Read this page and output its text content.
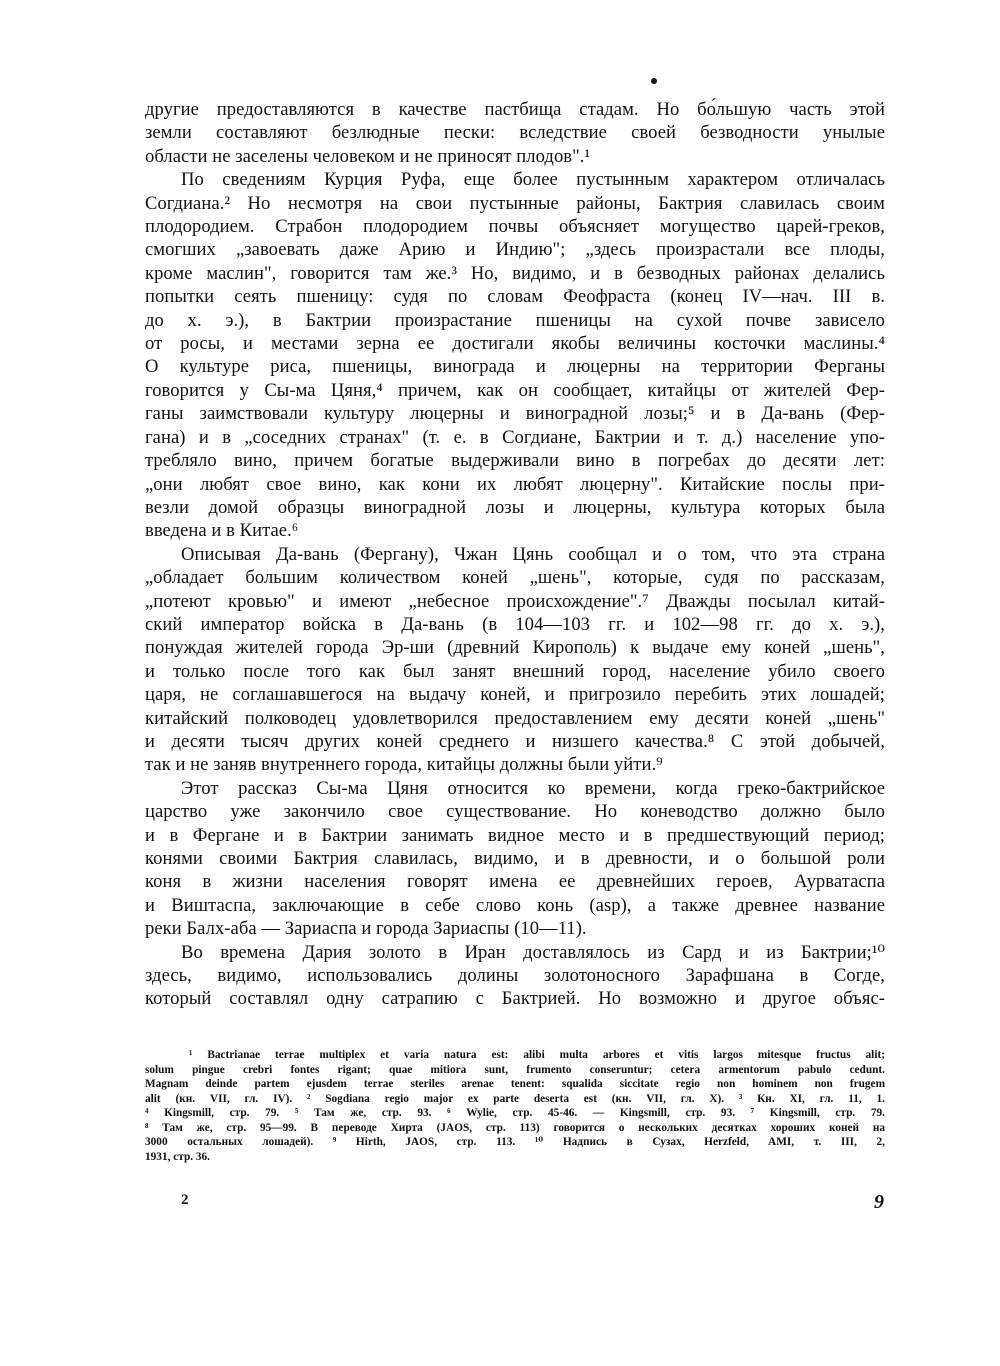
другие предоставляются в качестве пастбища стадам. Но бо́льшую часть этой
земли составляют безлюдные пески: вследствие своей безводности унылые
области не заселены человеком и не приносят плодов".¹
По сведениям Курция Руфа, еще более пустынным характером отличалась
Согдиана.² Но несмотря на свои пустынные районы, Бактрия славилась своим
плодородием. Страбон плодородием почвы объясняет могущество царей-греков,
смогших „завоевать даже Арию и Индию"; „здесь произрастали все плоды,
кроме маслин", говорится там же.³ Но, видимо, и в безводных районах делались
попытки сеять пшеницу: судя по словам Феофраста (конец IV—нач. III в.
до х. э.), в Бактрии произрастание пшеницы на сухой почве зависело
от росы, и местами зерна ее достигали якобы величины косточки маслины.⁴
О культуре риса, пшеницы, винограда и люцерны на территории Ферганы
говорится у Сы-ма Цяня,⁴ причем, как он сообщает, китайцы от жителей Фер-
ганы заимствовали культуру люцерны и виноградной лозы;⁵ и в Да-вань (Фер-
гана) и в „соседних странах" (т. е. в Согдиане, Бактрии и т. д.) население упо-
требляло вино, причем богатые выдерживали вино в погребах до десяти лет:
„они любят свое вино, как кони их любят люцерну". Китайские послы при-
везли домой образцы виноградной лозы и люцерны, культура которых была
введена и в Китае.⁶
Описывая Да-вань (Фергану), Чжан Цянь сообщал и о том, что эта страна
„обладает большим количеством коней „шень", которые, судя по рассказам,
„потеют кровью" и имеют „небесное происхождение".⁷ Дважды посылал китай-
ский император войска в Да-вань (в 104—103 гг. и 102—98 гг. до х. э.),
понуждая жителей города Эр-ши (древний Кирополь) к выдаче ему коней „шень",
и только после того как был занят внешний город, население убило своего
царя, не соглашавшегося на выдачу коней, и пригрозило перебить этих лошадей;
китайский полководец удовлетворился предоставлением ему десяти коней „шень"
и десяти тысяч других коней среднего и низшего качества.⁸ С этой добычей,
так и не заняв внутреннего города, китайцы должны были уйти.⁹
Этот рассказ Сы-ма Цяня относится ко времени, когда греко-бактрийское
царство уже закончило свое существование. Но коневодство должно было
и в Фергане и в Бактрии занимать видное место и в предшествующий период;
конями своими Бактрия славилась, видимо, и в древности, и о большой роли
коня в жизни населения говорят имена ее древнейших героев, Аурватаспа
и Виштаспа, заключающие в себе слово конь (asp), а также древнее название
реки Балх-аба — Зариаспа и города Зариаспы (10—11).
Во времена Дария золото в Иран доставлялось из Сард и из Бактрии;¹⁰
здесь, видимо, использовались долины золотоносного Зарафшана в Согде,
который составлял одну сатрапию с Бактрией. Но возможно и другое объяс-
¹ Bactrianae terrae multiplex et varia natura est: alibi multa arbores et vitis largos mitesque fructus alit;
solum pingue crebri fontes rigant; quae mitiora sunt, frumento conseruntur; cetera armentorum pabulo cedunt.
Magnam deinde partem ejusdem terrae steriles arenae tenent: squalida siccitate regio non hominem non frugem
alit (кн. VII, гл. IV). ² Sogdiana regio major ex parte deserta est (кн. VII, гл. X). ³ Кн. XI, гл. 11, 1.
⁴ Kingsmill, стр. 79. ⁵ Там же, стр. 93. ⁶ Wylie, стр. 45-46. — Kingsmill, стр. 93. ⁷ Kingsmill, стр. 79.
⁸ Там же, стр. 95—99. В переводе Хирта (JAOS, стр. 113) говорится о нескольких десятках хороших коней на
3000 остальных лошадей). ⁹ Hirth, JAOS, стр. 113. ¹⁰ Надпись в Сузах, Herzfeld, AMI, т. III, 2,
1931, стр. 36.
2	9
